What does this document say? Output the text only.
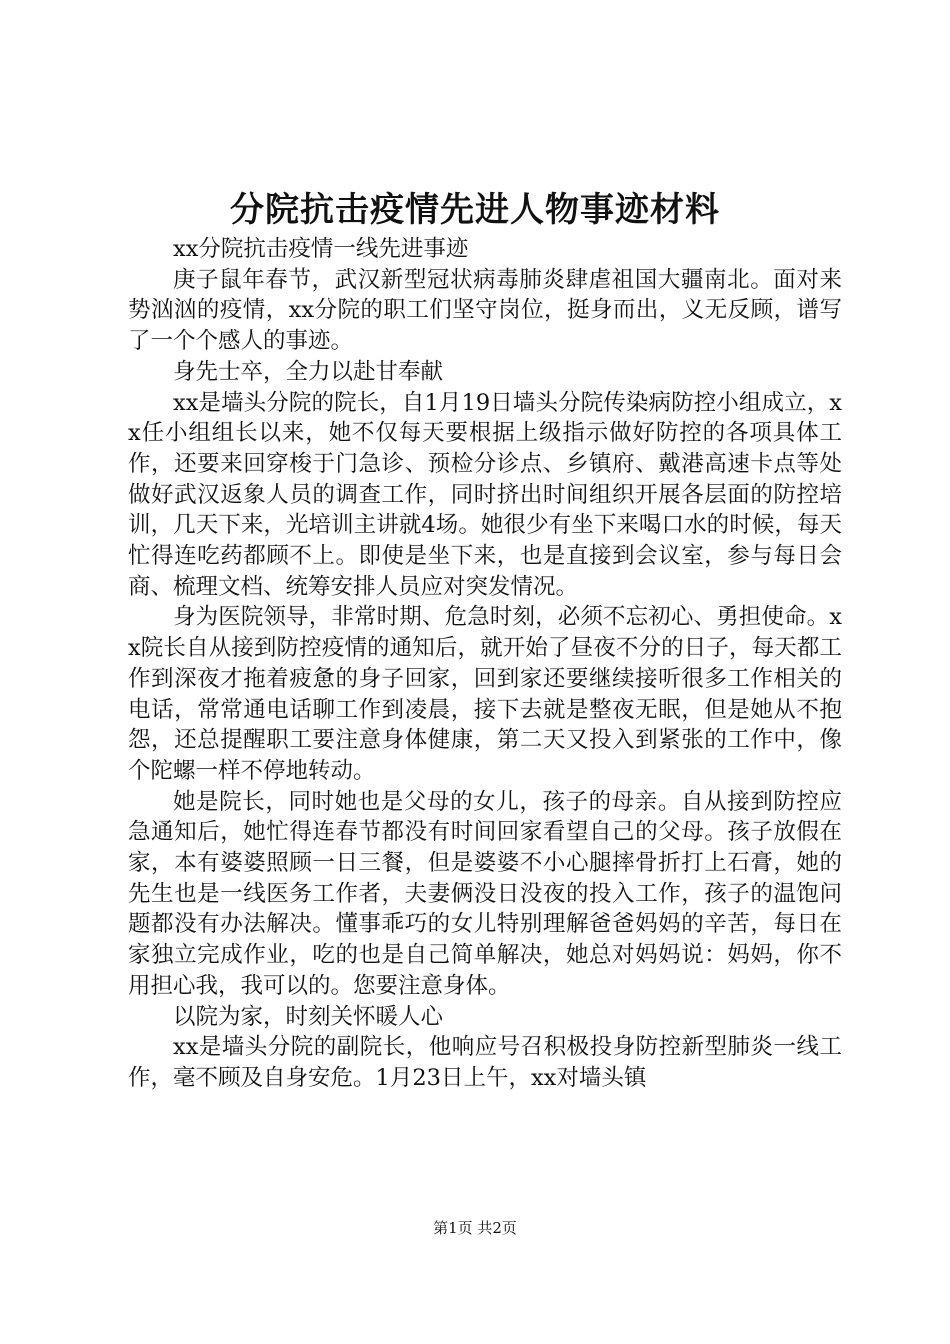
分院抗击疫情先进人物事迹材料

xx分院抗击疫情一线先进事迹

庚子鼠年春节，武汉新型冠状病毒肺炎肆虐祖国大疆南北。面对来势汹汹的疫情，xx分院的职工们坚守岗位，挺身而出，义无反顾，谱写了一个个感人的事迹。

身先士卒，全力以赴甘奉献

xx是墙头分院的院长，自1月19日墙头分院传染病防控小组成立，xx任小组组长以来，她不仅每天要根据上级指示做好防控的各项具体工作，还要来回穿梭于门急诊、预检分诊点、乡镇府、戴港高速卡点等处做好武汉返象人员的调查工作，同时挤出时间组织开展各层面的防控培训，几天下来，光培训主讲就4场。她很少有坐下来喝口水的时候，每天忙得连吃药都顾不上。即使是坐下来，也是直接到会议室，参与每日会商、梳理文档、统筹安排人员应对突发情况。

身为医院领导，非常时期、危急时刻，必须不忘初心、勇担使命。xx院长自从接到防控疫情的通知后，就开始了昼夜不分的日子，每天都工作到深夜才拖着疲惫的身子回家，回到家还要继续接听很多工作相关的电话，常常通电话聊工作到凌晨，接下去就是整夜无眠，但是她从不抱怨，还总提醒职工要注意身体健康，第二天又投入到紧张的工作中，像个陀螺一样不停地转动。

她是院长，同时她也是父母的女儿，孩子的母亲。自从接到防控应急通知后，她忙得连春节都没有时间回家看望自己的父母。孩子放假在家，本有婆婆照顾一日三餐，但是婆婆不小心腿摔骨折打上石膏，她的先生也是一线医务工作者，夫妻俩没日没夜的投入工作，孩子的温饱问题都没有办法解决。懂事乖巧的女儿特别理解爸爸妈妈的辛苦，每日在家独立完成作业，吃的也是自己简单解决，她总对妈妈说：妈妈，你不用担心我，我可以的。您要注意身体。

以院为家，时刻关怀暖人心

xx是墙头分院的副院长，他响应号召积极投身防控新型肺炎一线工作，毫不顾及自身安危。1月23日上午，xx对墙头镇

第1页 共2页
